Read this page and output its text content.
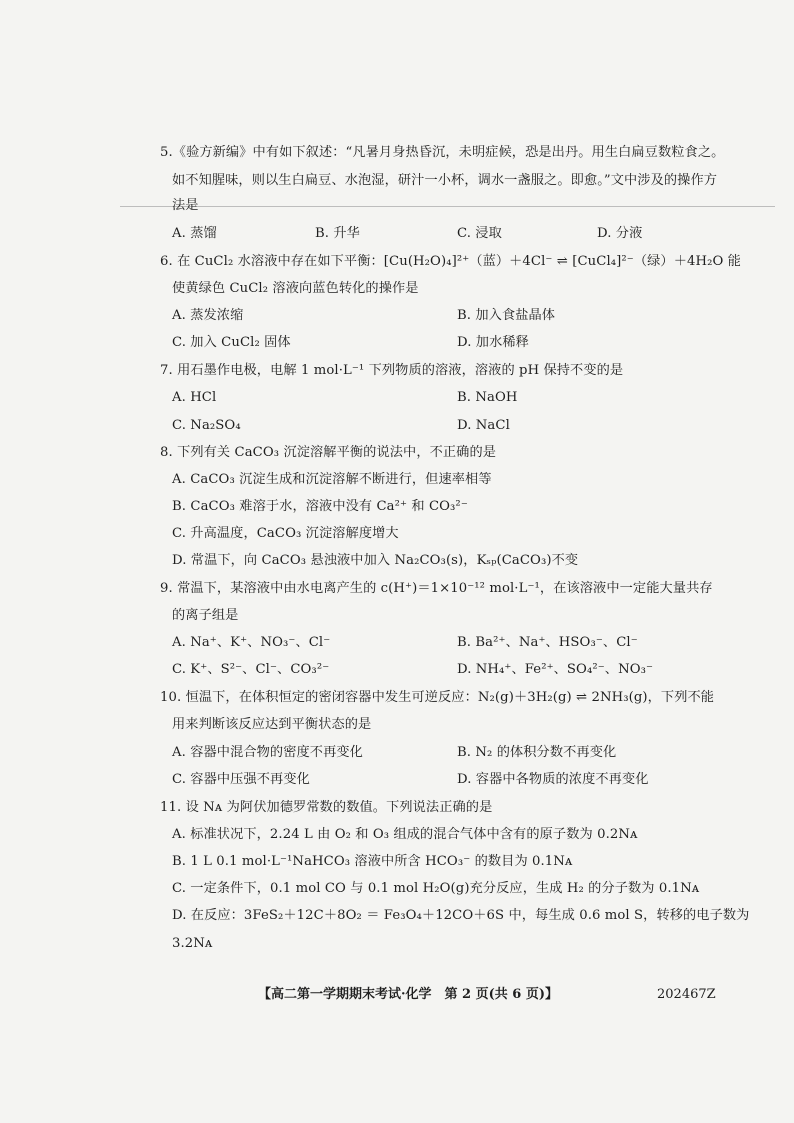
5.《验方新编》中有如下叙述：“凡暑月身热昏沉，未明症候，恐是出丹。用生白扁豆数粒食之。
如不知腥味，则以生白扁豆、水泡湿，研汁一小杯，调水一盏服之。即愈。”文中涉及的操作方
法是
A. 蒸馏	B. 升华	C. 浸取	D. 分液
6. 在 CuCl₂ 水溶液中存在如下平衡：[Cu(H₂O)₄]²⁺（蓝）＋4Cl⁻ ⇌ [CuCl₄]²⁻（绿）＋4H₂O 能
使黄绿色 CuCl₂ 溶液向蓝色转化的操作是
A. 蒸发浓缩	B. 加入食盐晶体
C. 加入 CuCl₂ 固体	D. 加水稀释
7. 用石墨作电极，电解 1 mol·L⁻¹ 下列物质的溶液，溶液的 pH 保持不变的是
A. HCl	B. NaOH
C. Na₂SO₄	D. NaCl
8. 下列有关 CaCO₃ 沉淀溶解平衡的说法中，不正确的是
A. CaCO₃ 沉淀生成和沉淀溶解不断进行，但速率相等
B. CaCO₃ 难溶于水，溶液中没有 Ca²⁺ 和 CO₃²⁻
C. 升高温度，CaCO₃ 沉淀溶解度增大
D. 常温下，向 CaCO₃ 悬浊液中加入 Na₂CO₃(s)，Kₛₚ(CaCO₃)不变
9. 常温下，某溶液中由水电离产生的 c(H⁺)＝1×10⁻¹² mol·L⁻¹，在该溶液中一定能大量共存
的离子组是
A. Na⁺、K⁺、NO₃⁻、Cl⁻	B. Ba²⁺、Na⁺、HSO₃⁻、Cl⁻
C. K⁺、S²⁻、Cl⁻、CO₃²⁻	D. NH₄⁺、Fe²⁺、SO₄²⁻、NO₃⁻
10. 恒温下，在体积恒定的密闭容器中发生可逆反应：N₂(g)＋3H₂(g) ⇌ 2NH₃(g)，下列不能
用来判断该反应达到平衡状态的是
A. 容器中混合物的密度不再变化	B. N₂ 的体积分数不再变化
C. 容器中压强不再变化	D. 容器中各物质的浓度不再变化
11. 设 Nᴀ 为阿伏加德罗常数的数值。下列说法正确的是
A. 标准状况下，2.24 L 由 O₂ 和 O₃ 组成的混合气体中含有的原子数为 0.2Nᴀ
B. 1 L 0.1 mol·L⁻¹NaHCO₃ 溶液中所含 HCO₃⁻ 的数目为 0.1Nᴀ
C. 一定条件下，0.1 mol CO 与 0.1 mol H₂O(g)充分反应，生成 H₂ 的分子数为 0.1Nᴀ
D. 在反应：3FeS₂＋12C＋8O₂ ＝ Fe₃O₄＋12CO＋6S 中，每生成 0.6 mol S，转移的电子数为
3.2Nᴀ
【高二第一学期期末考试·化学　第 2 页(共 6 页)】	202467Z
